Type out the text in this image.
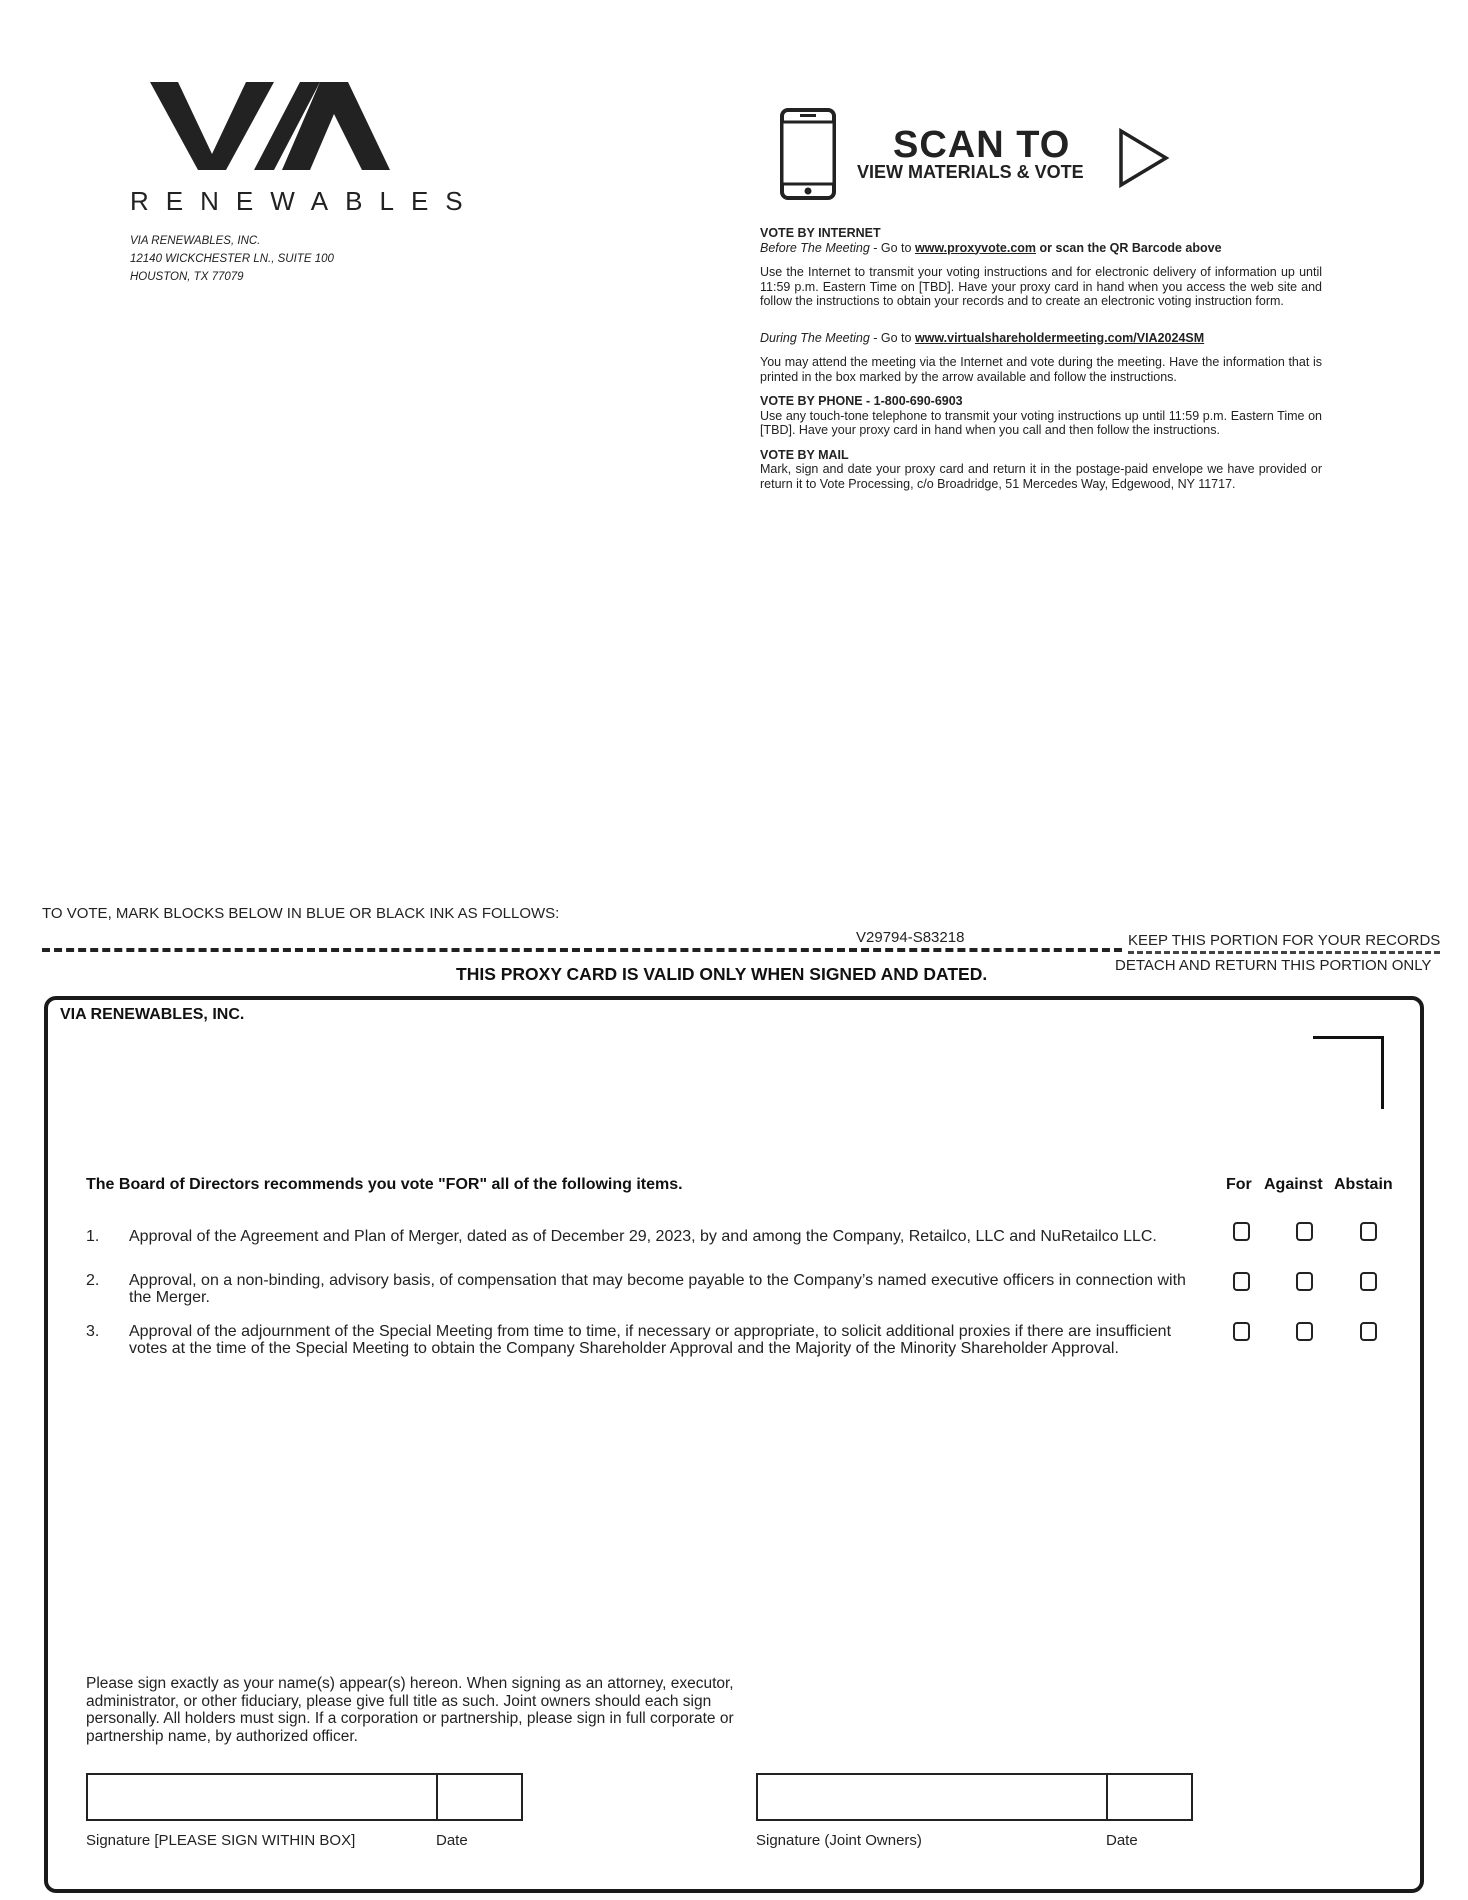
RENEWABLES
VIA RENEWABLES, INC.
12140 WICKCHESTER LN., SUITE 100
HOUSTON, TX 77079
SCAN TO
VIEW MATERIALS & VOTE
VOTE BY INTERNET
Before The Meeting - Go to www.proxyvote.com or scan the QR Barcode above

Use the Internet to transmit your voting instructions and for electronic delivery of information up until 11:59 p.m. Eastern Time on [TBD]. Have your proxy card in hand when you access the web site and follow the instructions to obtain your records and to create an electronic voting instruction form.

During The Meeting - Go to www.virtualshareholdermeeting.com/VIA2024SM

You may attend the meeting via the Internet and vote during the meeting. Have the information that is printed in the box marked by the arrow available and follow the instructions.

VOTE BY PHONE - 1-800-690-6903

Use any touch-tone telephone to transmit your voting instructions up until 11:59 p.m. Eastern Time on [TBD]. Have your proxy card in hand when you call and then follow the instructions.

VOTE BY MAIL

Mark, sign and date your proxy card and return it in the postage-paid envelope we have provided or return it to Vote Processing, c/o Broadridge, 51 Mercedes Way, Edgewood, NY 11717.

TO VOTE, MARK BLOCKS BELOW IN BLUE OR BLACK INK AS FOLLOWS:
V29794-S83218	KEEP THIS PORTION FOR YOUR RECORDS
DETACH AND RETURN THIS PORTION ONLY
THIS PROXY CARD IS VALID ONLY WHEN SIGNED AND DATED.
VIA RENEWABLES, INC.
The Board of Directors recommends you vote "FOR" all of the following items.	For Against Abstain
1. Approval of the Agreement and Plan of Merger, dated as of December 29, 2023, by and among the Company, Retailco, LLC and NuRetailco LLC.
2. Approval, on a non-binding, advisory basis, of compensation that may become payable to the Company’s named executive officers in connection with the Merger.
3. Approval of the adjournment of the Special Meeting from time to time, if necessary or appropriate, to solicit additional proxies if there are insufficient votes at the time of the Special Meeting to obtain the Company Shareholder Approval and the Majority of the Minority Shareholder Approval.
Please sign exactly as your name(s) appear(s) hereon. When signing as an attorney, executor, administrator, or other fiduciary, please give full title as such. Joint owners should each sign personally. All holders must sign. If a corporation or partnership, please sign in full corporate or partnership name, by authorized officer.
Signature [PLEASE SIGN WITHIN BOX]	Date	Signature (Joint Owners)	Date
